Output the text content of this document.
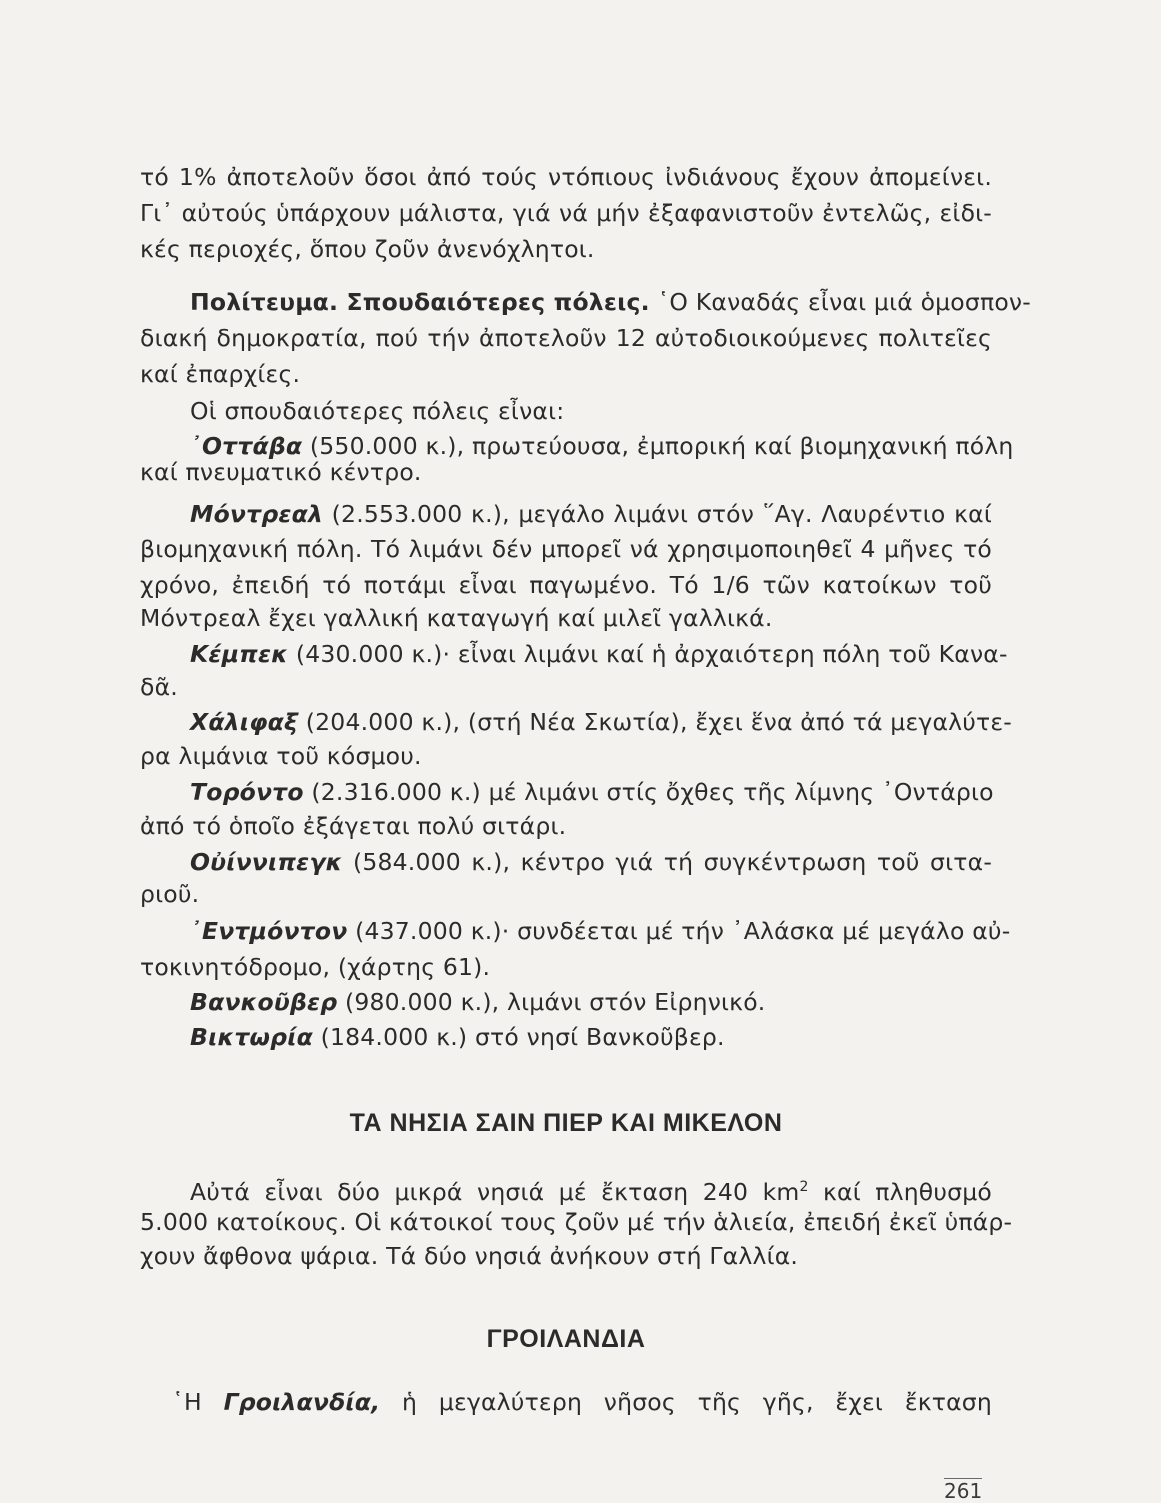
τό 1% ἀποτελοῦν ὅσοι ἀπό τούς ντόπιους ἰνδιάνους ἔχουν ἀπομείνει.
Γι᾽ αὐτούς ὑπάρχουν μάλιστα, γιά νά μήν ἐξαφανιστοῦν ἐντελῶς, εἰδι-
κές περιοχές, ὅπου ζοῦν ἀνενόχλητοι.
Πολίτευμα. Σπουδαιότερες πόλεις. ῾Ο Καναδάς εἶναι μιά ὁμοσπον-
διακή δημοκρατία, πού τήν ἀποτελοῦν 12 αὐτοδιοικούμενες πολιτεῖες
καί ἐπαρχίες.
Οἱ σπουδαιότερες πόλεις εἶναι:
᾽Οττάβα (550.000 κ.), πρωτεύουσα, ἐμπορική καί βιομηχανική πόλη
καί πνευματικό κέντρο.
Μόντρεαλ (2.553.000 κ.), μεγάλο λιμάνι στόν ῞Αγ. Λαυρέντιο καί
βιομηχανική πόλη. Τό λιμάνι δέν μπορεῖ νά χρησιμοποιηθεῖ 4 μῆνες τό
χρόνο, ἐπειδή τό ποτάμι εἶναι παγωμένο. Τό 1/6 τῶν κατοίκων τοῦ
Μόντρεαλ ἔχει γαλλική καταγωγή καί μιλεῖ γαλλικά.
Κέμπεκ (430.000 κ.)· εἶναι λιμάνι καί ἡ ἀρχαιότερη πόλη τοῦ Κανα-
δᾶ.
Χάλιφαξ (204.000 κ.), (στή Νέα Σκωτία), ἔχει ἕνα ἀπό τά μεγαλύτε-
ρα λιμάνια τοῦ κόσμου.
Τορόντο (2.316.000 κ.) μέ λιμάνι στίς ὄχθες τῆς λίμνης ᾽Οντάριο
ἀπό τό ὁποῖο ἐξάγεται πολύ σιτάρι.
Οὐίννιπεγκ (584.000 κ.), κέντρο γιά τή συγκέντρωση τοῦ σιτα-
ριοῦ.
᾽Εντμόντον (437.000 κ.)· συνδέεται μέ τήν ᾽Αλάσκα μέ μεγάλο αὐ-
τοκινητόδρομο, (χάρτης 61).
Βανκοῦβερ (980.000 κ.), λιμάνι στόν Εἰρηνικό.
Βικτωρία (184.000 κ.) στό νησί Βανκοῦβερ.
ΤΑ ΝΗΣΙΑ ΣΑΙΝ ΠΙΕΡ ΚΑΙ ΜΙΚΕΛΟΝ
Αὐτά εἶναι δύο μικρά νησιά μέ ἔκταση 240 $km^2$ καί πληθυσμό
5.000 κατοίκους. Οἱ κάτοικοί τους ζοῦν μέ τήν ἁλιεία, ἐπειδή ἐκεῖ ὑπάρ-
χουν ἄφθονα ψάρια. Τά δύο νησιά ἀνήκουν στή Γαλλία.
ΓΡΟΙΛΑΝΔΙΑ
῾Η Γροιλανδία, ἡ μεγαλύτερη νῆσος τῆς γῆς, ἔχει ἔκταση
261
